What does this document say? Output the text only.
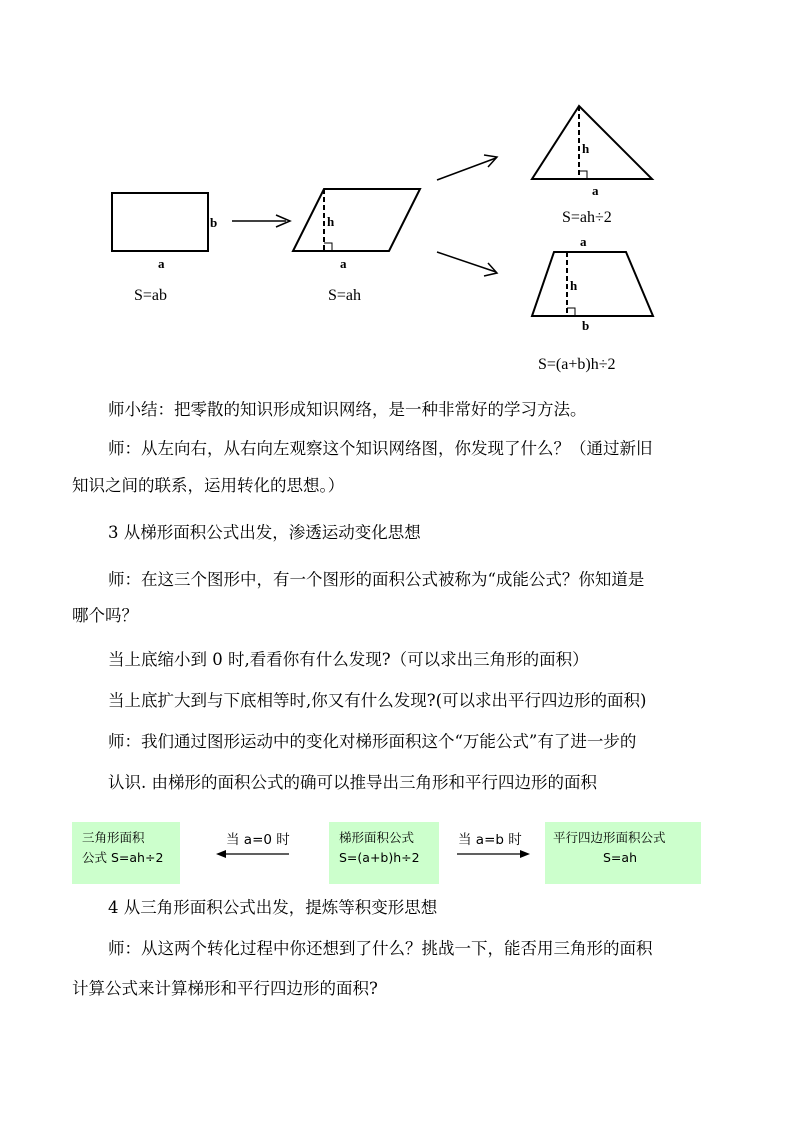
b
a
S=ab
h
a
S=ah
h
a
S=ah÷2
a
h
b
S=(a+b)h÷2

师小结：把零散的知识形成知识网络，是一种非常好的学习方法。

师：从左向右，从右向左观察这个知识网络图，你发现了什么？（通过新旧

知识之间的联系，运用转化的思想。）

3 从梯形面积公式出发，渗透运动变化思想

师：在这三个图形中，有一个图形的面积公式被称为“成能公式？你知道是

哪个吗？

当上底缩小到 0 时,看看你有什么发现?（可以求出三角形的面积）

当上底扩大到与下底相等时,你又有什么发现?(可以求出平行四边形的面积)

师：我们通过图形运动中的变化对梯形面积这个“万能公式”有了进一步的

认识. 由梯形的面积公式的确可以推导出三角形和平行四边形的面积

三角形面积
公式 S=ah÷2
当 a=0 时	梯形面积公式
S=(a+b)h÷2
当 a=b 时	平行四边形面积公式
S=ah

4 从三角形面积公式出发，提炼等积变形思想

师：从这两个转化过程中你还想到了什么？挑战一下，能否用三角形的面积

计算公式来计算梯形和平行四边形的面积?
